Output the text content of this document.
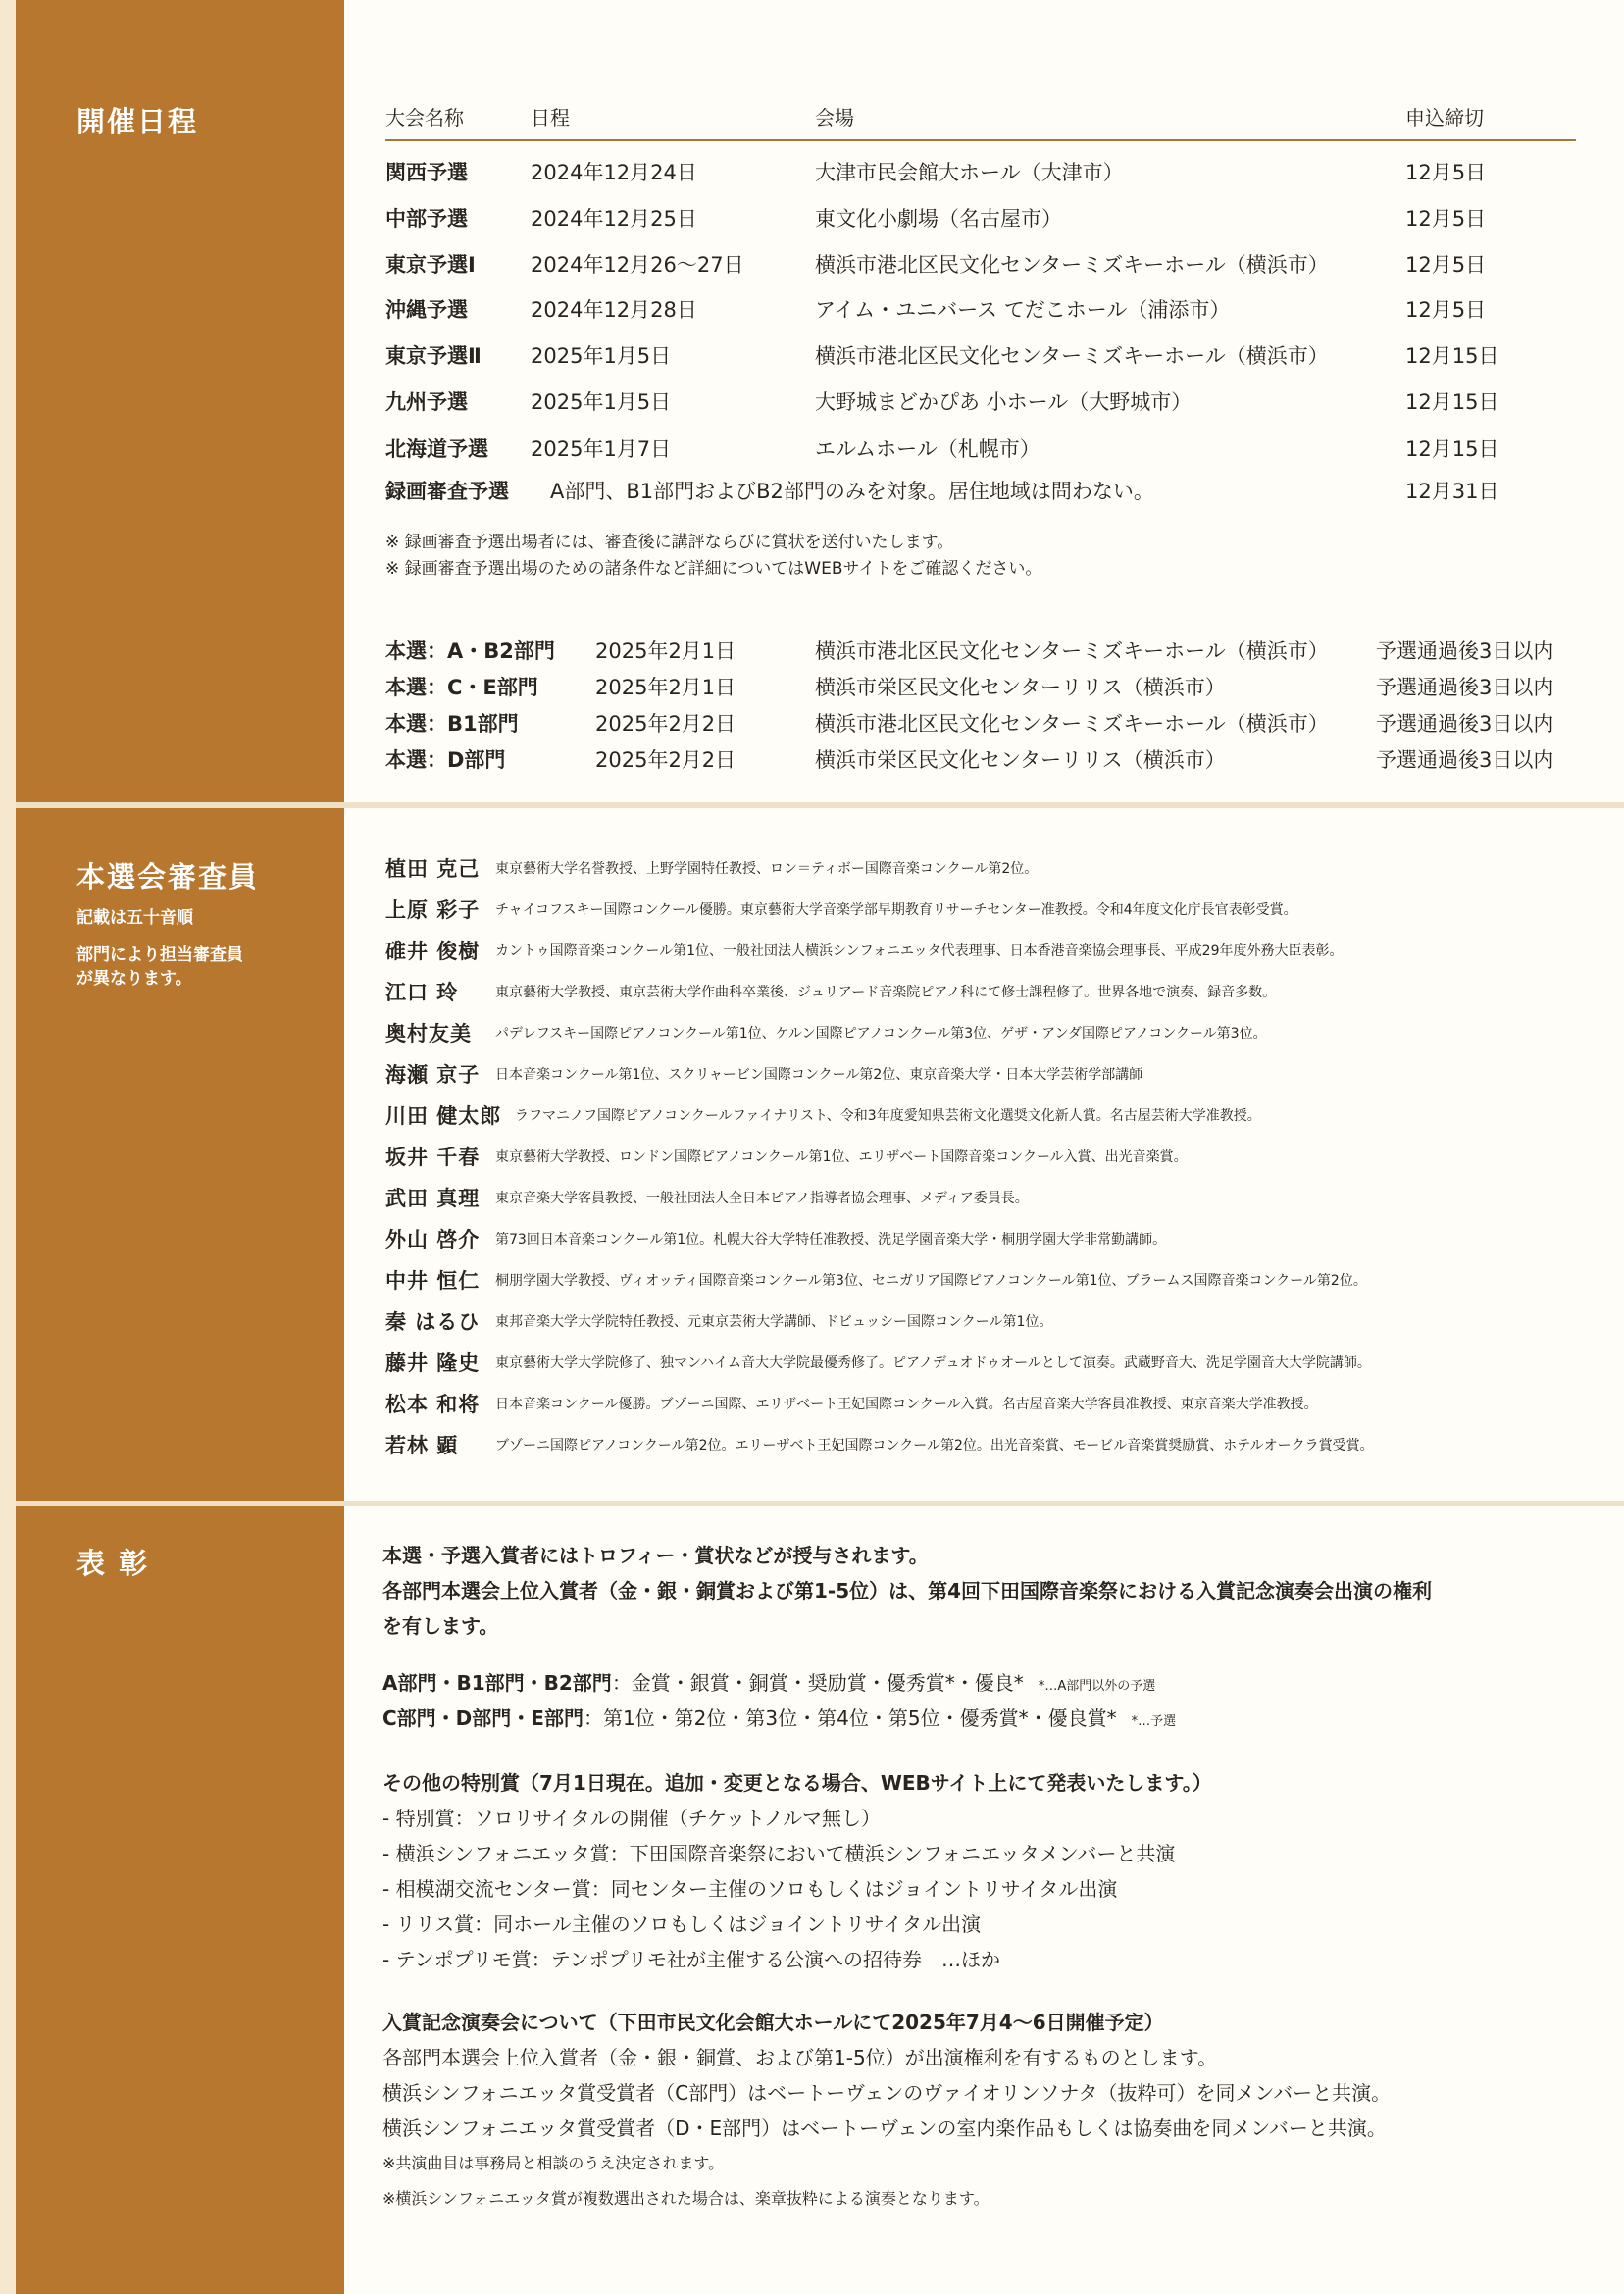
開催日程
本選会審査員
記載は五十音順
部門により担当審査員
が異なります。
表 彰
大会名称	日程	会場	申込締切
関西予選	2024年12月24日	大津市民会館大ホール（大津市）	12月5日
中部予選	2024年12月25日	東文化小劇場（名古屋市）	12月5日
東京予選Ⅰ	2024年12月26〜27日	横浜市港北区民文化センターミズキーホール（横浜市）	12月5日
沖縄予選	2024年12月28日	アイム・ユニバース てだこホール（浦添市）	12月5日
東京予選Ⅱ 2025年1月5日	横浜市港北区民文化センターミズキーホール（横浜市）	12月15日
九州予選	2025年1月5日	大野城まどかぴあ 小ホール（大野城市）	12月15日
北海道予選 2025年1月7日	エルムホール（札幌市）	12月15日
録画審査予選 A部門、B1部門およびB2部門のみを対象。居住地域は問わない。	12月31日
※ 録画審査予選出場者には、審査後に講評ならびに賞状を送付いたします。
※ 録画審査予選出場のための諸条件など詳細についてはWEBサイトをご確認ください。
本選：A・B2部門 2025年2月1日	横浜市港北区民文化センターミズキーホール（横浜市） 予選通過後3日以内
本選：C・E部門	2025年2月1日	横浜市栄区民文化センターリリス（横浜市）	予選通過後3日以内
本選：B1部門	2025年2月2日	横浜市港北区民文化センターミズキーホール（横浜市） 予選通過後3日以内
本選：D部門	2025年2月2日	横浜市栄区民文化センターリリス（横浜市）	予選通過後3日以内
植田 克己 東京藝術大学名誉教授、上野学園特任教授、ロン＝ティボー国際音楽コンクール第2位。
上原 彩子 チャイコフスキー国際コンクール優勝。東京藝術大学音楽学部早期教育リサーチセンター准教授。令和4年度文化庁長官表彰受賞。
碓井 俊樹 カントゥ国際音楽コンクール第1位、一般社団法人横浜シンフォニエッタ代表理事、日本香港音楽協会理事長、平成29年度外務大臣表彰。
江口 玲	東京藝術大学教授、東京芸術大学作曲科卒業後、ジュリアード音楽院ピアノ科にて修士課程修了。世界各地で演奏、録音多数。
奥村友美 パデレフスキー国際ピアノコンクール第1位、ケルン国際ピアノコンクール第3位、ゲザ・アンダ国際ピアノコンクール第3位。
海瀬 京子 日本音楽コンクール第1位、スクリャービン国際コンクール第2位、東京音楽大学・日本大学芸術学部講師
川田 健太郎 ラフマニノフ国際ピアノコンクールファイナリスト、令和3年度愛知県芸術文化選奨文化新人賞。名古屋芸術大学准教授。
坂井 千春 東京藝術大学教授、ロンドン国際ピアノコンクール第1位、エリザベート国際音楽コンクール入賞、出光音楽賞。
武田 真理 東京音楽大学客員教授、一般社団法人全日本ピアノ指導者協会理事、メディア委員長。
外山 啓介 第73回日本音楽コンクール第1位。札幌大谷大学特任准教授、洗足学園音楽大学・桐朋学園大学非常勤講師。
中井 恒仁 桐朋学園大学教授、ヴィオッティ国際音楽コンクール第3位、セニガリア国際ピアノコンクール第1位、ブラームス国際音楽コンクール第2位。
秦 はるひ 東邦音楽大学大学院特任教授、元東京芸術大学講師、ドビュッシー国際コンクール第1位。
藤井 隆史 東京藝術大学大学院修了、独マンハイム音大大学院最優秀修了。ピアノデュオドゥオールとして演奏。武蔵野音大、洗足学園音大大学院講師。
松本 和将 日本音楽コンクール優勝。ブゾーニ国際、エリザベート王妃国際コンクール入賞。名古屋音楽大学客員准教授、東京音楽大学准教授。
若林 顕	ブゾーニ国際ピアノコンクール第2位。エリーザベト王妃国際コンクール第2位。出光音楽賞、モービル音楽賞奨励賞、ホテルオークラ賞受賞。
本選・予選入賞者にはトロフィー・賞状などが授与されます。
各部門本選会上位入賞者（金・銀・銅賞および第1-5位）は、第4回下田国際音楽祭における入賞記念演奏会出演の権利
を有します。
A部門・B1部門・B2部門：金賞・銀賞・銅賞・奨励賞・優秀賞*・優良* *…A部門以外の予選
C部門・D部門・E部門：第1位・第2位・第3位・第4位・第5位・優秀賞*・優良賞* *…予選
その他の特別賞（7月1日現在。追加・変更となる場合、WEBサイト上にて発表いたします。）
- 特別賞：ソロリサイタルの開催（チケットノルマ無し）
- 横浜シンフォニエッタ賞：下田国際音楽祭において横浜シンフォニエッタメンバーと共演
- 相模湖交流センター賞：同センター主催のソロもしくはジョイントリサイタル出演
- リリス賞：同ホール主催のソロもしくはジョイントリサイタル出演
- テンポプリモ賞：テンポプリモ社が主催する公演への招待券　…ほか
入賞記念演奏会について（下田市民文化会館大ホールにて2025年7月4〜6日開催予定）
各部門本選会上位入賞者（金・銀・銅賞、および第1-5位）が出演権利を有するものとします。
横浜シンフォニエッタ賞受賞者（C部門）はベートーヴェンのヴァイオリンソナタ（抜粋可）を同メンバーと共演。
横浜シンフォニエッタ賞受賞者（D・E部門）はベートーヴェンの室内楽作品もしくは協奏曲を同メンバーと共演。
※共演曲目は事務局と相談のうえ決定されます。
※横浜シンフォニエッタ賞が複数選出された場合は、楽章抜粋による演奏となります。
